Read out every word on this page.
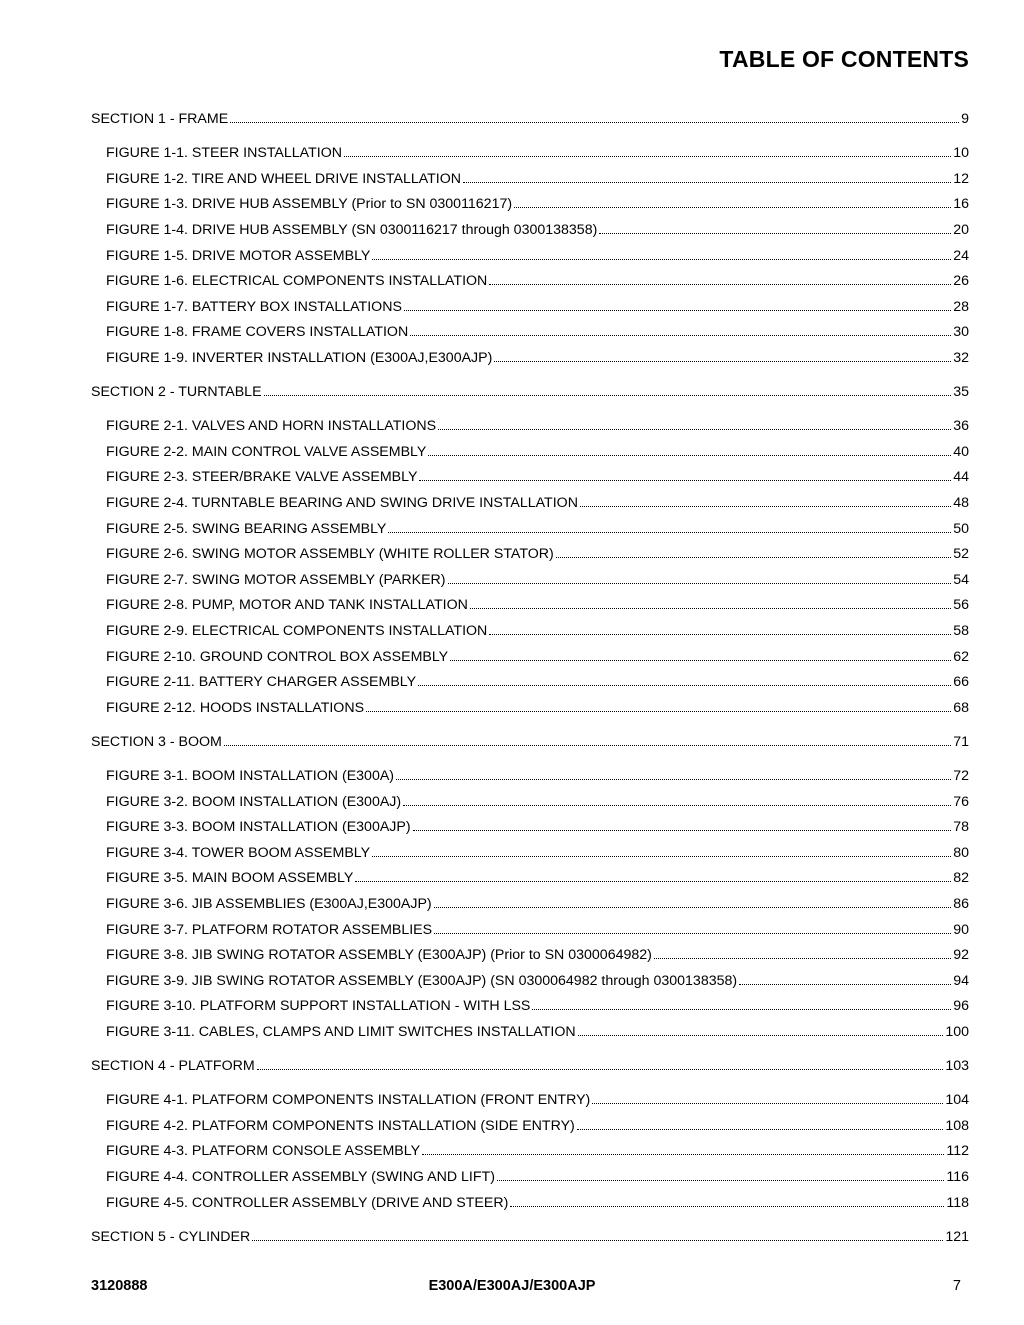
TABLE OF CONTENTS
SECTION 1 - FRAME	9
FIGURE 1-1. STEER INSTALLATION	10
FIGURE 1-2. TIRE AND WHEEL DRIVE INSTALLATION	12
FIGURE 1-3. DRIVE HUB ASSEMBLY (Prior to SN 0300116217)	16
FIGURE 1-4. DRIVE HUB ASSEMBLY (SN 0300116217 through 0300138358)	20
FIGURE 1-5. DRIVE MOTOR ASSEMBLY	24
FIGURE 1-6. ELECTRICAL COMPONENTS INSTALLATION	26
FIGURE 1-7. BATTERY BOX INSTALLATIONS	28
FIGURE 1-8. FRAME COVERS INSTALLATION	30
FIGURE 1-9. INVERTER INSTALLATION (E300AJ,E300AJP)	32
SECTION 2 - TURNTABLE	35
FIGURE 2-1. VALVES AND HORN INSTALLATIONS	36
FIGURE 2-2. MAIN CONTROL VALVE ASSEMBLY	40
FIGURE 2-3. STEER/BRAKE VALVE ASSEMBLY	44
FIGURE 2-4. TURNTABLE BEARING AND SWING DRIVE INSTALLATION	48
FIGURE 2-5. SWING BEARING ASSEMBLY	50
FIGURE 2-6. SWING MOTOR ASSEMBLY (WHITE ROLLER STATOR)	52
FIGURE 2-7. SWING MOTOR ASSEMBLY (PARKER)	54
FIGURE 2-8. PUMP, MOTOR AND TANK INSTALLATION	56
FIGURE 2-9. ELECTRICAL COMPONENTS INSTALLATION	58
FIGURE 2-10. GROUND CONTROL BOX ASSEMBLY	62
FIGURE 2-11. BATTERY CHARGER ASSEMBLY	66
FIGURE 2-12. HOODS INSTALLATIONS	68
SECTION 3 - BOOM	71
FIGURE 3-1. BOOM INSTALLATION (E300A)	72
FIGURE 3-2. BOOM INSTALLATION (E300AJ)	76
FIGURE 3-3. BOOM INSTALLATION (E300AJP)	78
FIGURE 3-4. TOWER BOOM ASSEMBLY	80
FIGURE 3-5. MAIN BOOM ASSEMBLY	82
FIGURE 3-6. JIB ASSEMBLIES (E300AJ,E300AJP)	86
FIGURE 3-7. PLATFORM ROTATOR ASSEMBLIES	90
FIGURE 3-8. JIB SWING ROTATOR ASSEMBLY (E300AJP) (Prior to SN 0300064982)	92
FIGURE 3-9. JIB SWING ROTATOR ASSEMBLY (E300AJP) (SN 0300064982 through 0300138358)	94
FIGURE 3-10. PLATFORM SUPPORT INSTALLATION - WITH LSS	96
FIGURE 3-11. CABLES, CLAMPS AND LIMIT SWITCHES INSTALLATION	100
SECTION 4 - PLATFORM	103
FIGURE 4-1. PLATFORM COMPONENTS INSTALLATION (FRONT ENTRY)	104
FIGURE 4-2. PLATFORM COMPONENTS INSTALLATION (SIDE ENTRY)	108
FIGURE 4-3. PLATFORM CONSOLE ASSEMBLY	112
FIGURE 4-4. CONTROLLER ASSEMBLY (SWING AND LIFT)	116
FIGURE 4-5. CONTROLLER ASSEMBLY (DRIVE AND STEER)	118
SECTION 5 - CYLINDER	121
3120888	E300A/E300AJ/E300AJP	7
